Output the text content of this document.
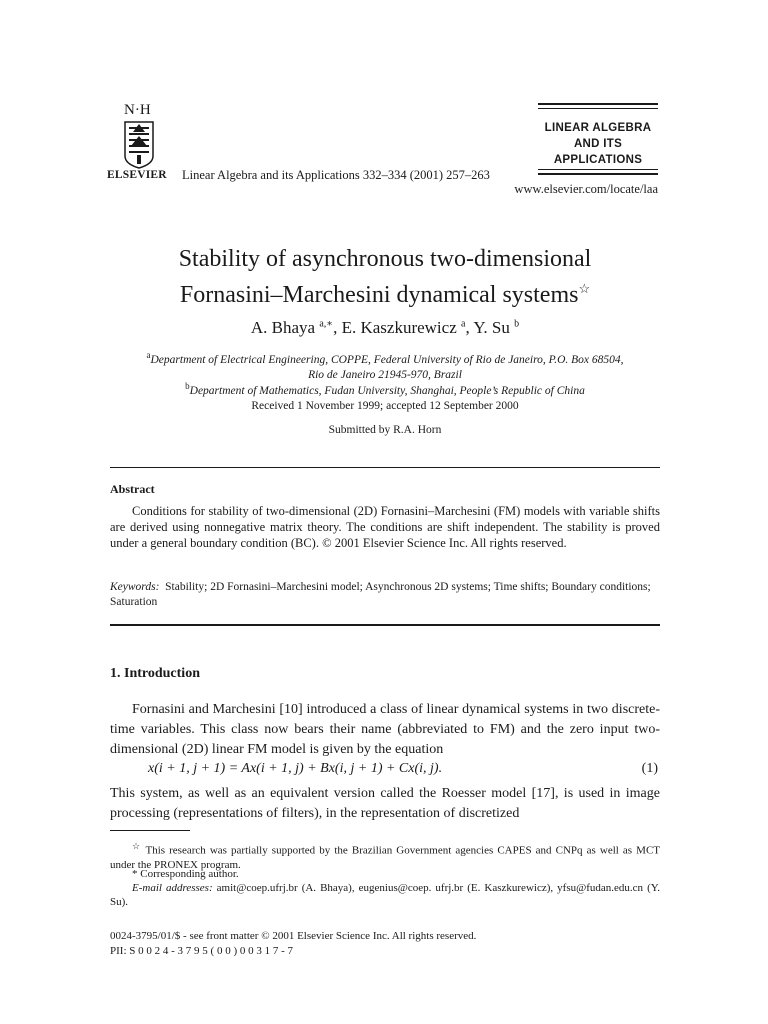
N·H
ELSEVIER Linear Algebra and its Applications 332–334 (2001) 257–263
www.elsevier.com/locate/laa
LINEAR ALGEBRA
AND ITS
APPLICATIONS
Stability of asynchronous two-dimensional
Fornasini–Marchesini dynamical systems☆
A. Bhaya $^{a,∗}$, E. Kaszkurewicz $^a$, Y. Su $^b$
$^a$Department of Electrical Engineering, COPPE, Federal University of Rio de Janeiro, P.O. Box 68504,
Rio de Janeiro 21945-970, Brazil
$^b$Department of Mathematics, Fudan University, Shanghai, People’s Republic of China
Received 1 November 1999; accepted 12 September 2000
Submitted by R.A. Horn
Abstract
Conditions for stability of two-dimensional (2D) Fornasini–Marchesini (FM) models with variable shifts are derived using nonnegative matrix theory. The conditions are shift independent. The stability is proved under a general boundary condition (BC). © 2001 Elsevier Science Inc. All rights reserved.
Keywords: Stability; 2D Fornasini–Marchesini model; Asynchronous 2D systems; Time shifts; Boundary conditions; Saturation
1. Introduction
Fornasini and Marchesini [10] introduced a class of linear dynamical systems in two discrete-time variables. This class now bears their name (abbreviated to FM) and the zero input two-dimensional (2D) linear FM model is given by the equation
x(i + 1, j + 1) = Ax(i + 1, j) + Bx(i, j + 1) + Cx(i, j).	(1)
This system, as well as an equivalent version called the Roesser model [17], is used in image processing (representations of filters), in the representation of discretized
☆ This research was partially supported by the Brazilian Government agencies CAPES and CNPq as well as MCT under the PRONEX program.
* Corresponding author.
E-mail addresses: amit@coep.ufrj.br (A. Bhaya), eugenius@coep. ufrj.br (E. Kaszkurewicz), yfsu@fudan.edu.cn (Y. Su).
0024-3795/01/$ - see front matter © 2001 Elsevier Science Inc. All rights reserved.
PII: S 0 0 2 4 - 3 7 9 5 ( 0 0 ) 0 0 3 1 7 - 7
